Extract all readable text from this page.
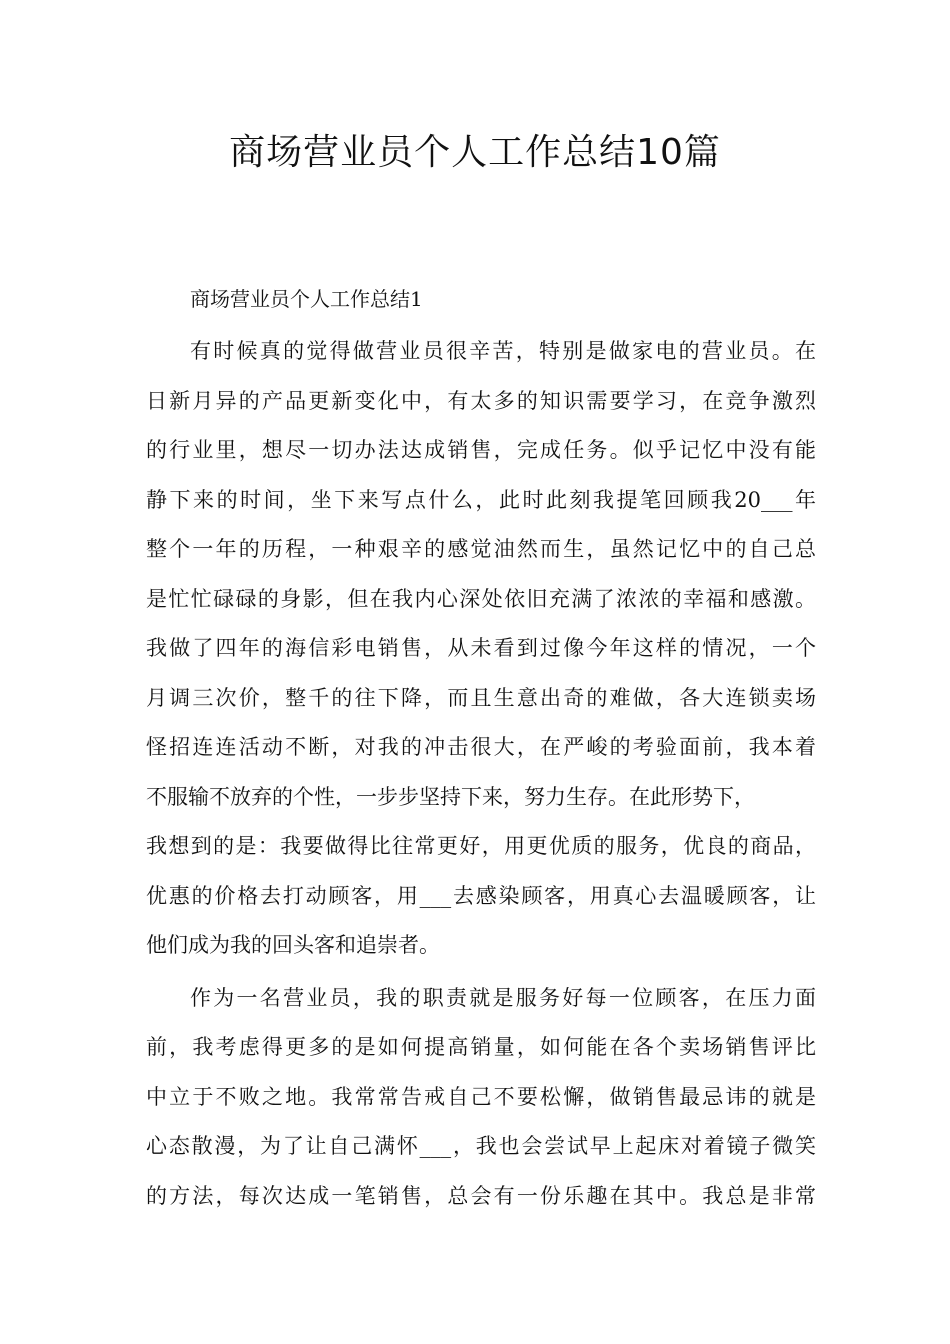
商场营业员个人工作总结10篇
商场营业员个人工作总结1
有时候真的觉得做营业员很辛苦，特别是做家电的营业员。在
日新月异的产品更新变化中，有太多的知识需要学习，在竞争激烈
的行业里，想尽一切办法达成销售，完成任务。似乎记忆中没有能
静下来的时间，坐下来写点什么，此时此刻我提笔回顾我20___年
整个一年的历程，一种艰辛的感觉油然而生，虽然记忆中的自己总
是忙忙碌碌的身影，但在我内心深处依旧充满了浓浓的幸福和感激。
我做了四年的海信彩电销售，从未看到过像今年这样的情况，一个
月调三次价，整千的往下降，而且生意出奇的难做，各大连锁卖场
怪招连连活动不断，对我的冲击很大，在严峻的考验面前，我本着
不服输不放弃的个性，一步步坚持下来，努力生存。在此形势下，
我想到的是：我要做得比往常更好，用更优质的服务，优良的商品，
优惠的价格去打动顾客，用___去感染顾客，用真心去温暖顾客，让
他们成为我的回头客和追崇者。
作为一名营业员，我的职责就是服务好每一位顾客，在压力面
前，我考虑得更多的是如何提高销量，如何能在各个卖场销售评比
中立于不败之地。我常常告戒自己不要松懈，做销售最忌讳的就是
心态散漫，为了让自己满怀___，我也会尝试早上起床对着镜子微笑
的方法，每次达成一笔销售，总会有一份乐趣在其中。我总是非常
